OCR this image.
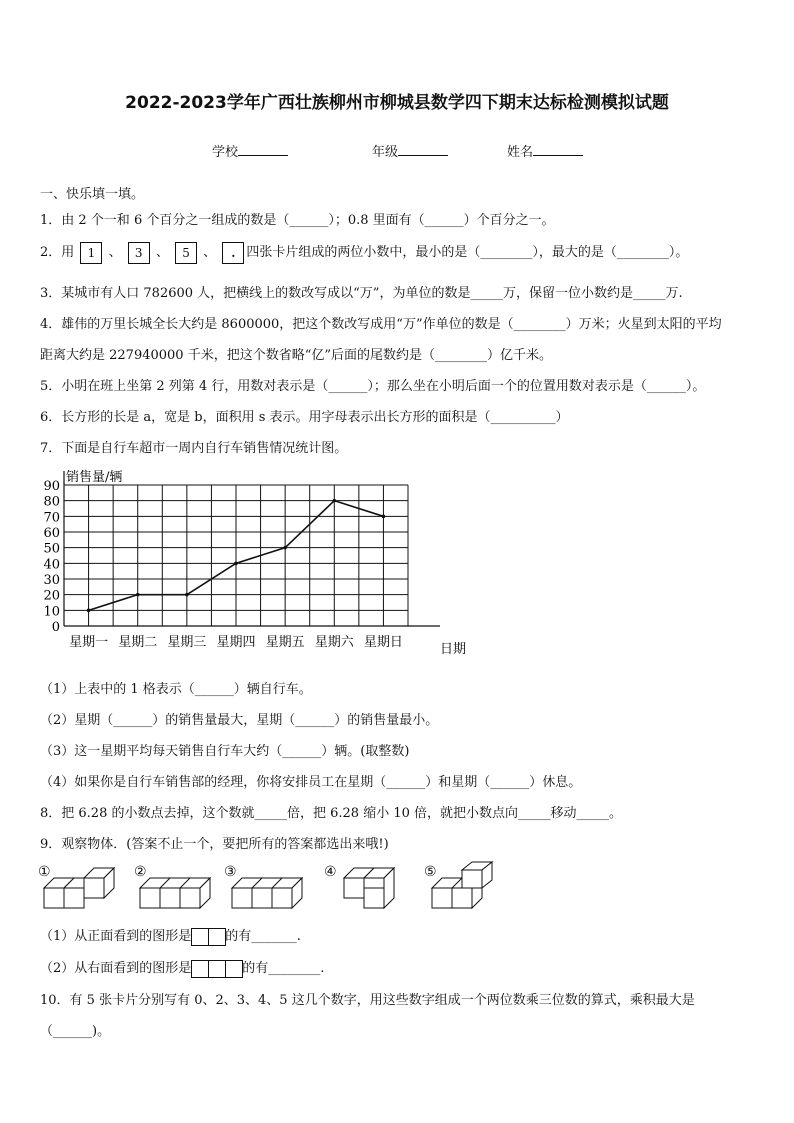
2022-2023学年广西壮族柳州市柳城县数学四下期末达标检测模拟试题
学校	年级	姓名
一、快乐填一填。
1．由 2 个一和 6 个百分之一组成的数是（______）；0.8 里面有（______）个百分之一。
2．用 1 、 3 、 5 、 . 四张卡片组成的两位小数中，最小的是（________），最大的是（________）。
3．某城市有人口 782600 人，把横线上的数改写成以“万”，为单位的数是_____万，保留一位小数约是_____万.
4．雄伟的万里长城全长大约是 8600000，把这个数改写成用“万”作单位的数是（________）万米；火星到太阳的平均
距离大约是 227940000 千米，把这个数省略“亿”后面的尾数约是（________）亿千米。
5．小明在班上坐第 2 列第 4 行，用数对表示是（______）；那么坐在小明后面一个的位置用数对表示是（______）。
6．长方形的长是 a，宽是 b，面积用 s 表示。用字母表示出长方形的面积是（__________）
7．下面是自行车超市一周内自行车销售情况统计图。
0
10
20
30
40
50
60
70
80
90
星期一 星期二 星期三 星期四 星期五 星期六 星期日
销售量/辆
日期
（1）上表中的 1 格表示（______）辆自行车。
（2）星期（______）的销售量最大，星期（______）的销售量最小。
（3）这一星期平均每天销售自行车大约（______）辆。(取整数)
（4）如果你是自行车销售部的经理，你将安排员工在星期（______）和星期（______）休息。
8．把 6.28 的小数点去掉，这个数就_____倍，把 6.28 缩小 10 倍，就把小数点向_____移动_____。
9．观察物体．(答案不止一个，要把所有的答案都选出来哦!)
①	②	③	④	⑤
（1）从正面看到的图形是	的有_______.
（2）从右面看到的图形是	的有________.
10．有 5 张卡片分别写有 0、2、3、4、5 这几个数字，用这些数字组成一个两位数乘三位数的算式，乘积最大是
（______)。
